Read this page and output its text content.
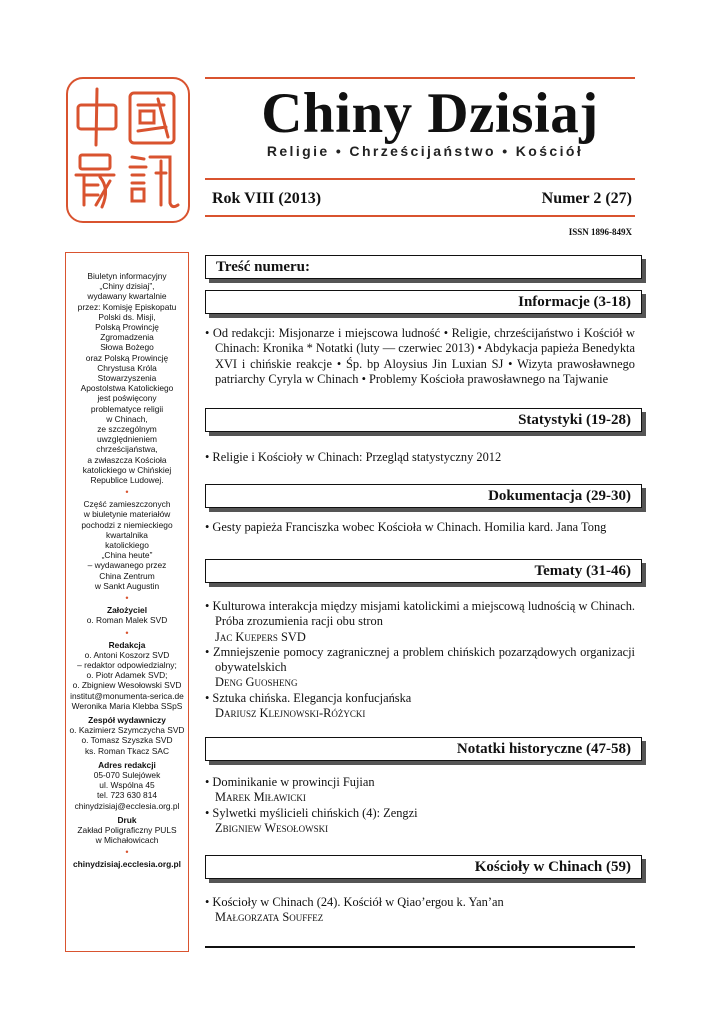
Chiny Dzisiaj
Religie • Chrześcijaństwo • Kościół
Rok VIII (2013)	Numer 2 (27)
ISSN 1896-849X
Biuletyn informacyjny
„Chiny dzisiaj”,
wydawany kwartalnie
przez: Komisję Episkopatu
Polski ds. Misji,
Polską Prowincję
Zgromadzenia
Słowa Bożego
oraz Polską Prowincję
Chrystusa Króla
Stowarzyszenia
Apostolstwa Katolickiego
jest poświęcony
problematyce religii
w Chinach,
ze szczególnym
uwzględnieniem
chrześcijaństwa,
a zwłaszcza Kościoła
katolickiego w Chińskiej
Republice Ludowej.
•
Część zamieszczonych
w biuletynie materiałów
pochodzi z niemieckiego
kwartalnika
katolickiego
„China heute”
– wydawanego przez
China Zentrum
w Sankt Augustin
•
Założyciel
o. Roman Malek SVD
•
Redakcja
o. Antoni Koszorz SVD
– redaktor odpowiedzialny;
o. Piotr Adamek SVD;
o. Zbigniew Wesołowski SVD
institut@monumenta-serica.de
Weronika Maria Klebba SSpS
Zespół wydawniczy
o. Kazimierz Szymczycha SVD
o. Tomasz Szyszka SVD
ks. Roman Tkacz SAC
Adres redakcji
05-070 Sulejówek
ul. Wspólna 45
tel. 723 630 814
chinydzisiaj@ecclesia.org.pl
Druk
Zakład Poligraficzny PULS
w Michałowicach
•
chinydzisiaj.ecclesia.org.pl
Treść numeru:
Informacje (3-18)
• Od redakcji: Misjonarze i miejscowa ludność • Religie, chrześcijaństwo i Kościół w Chinach: Kronika * Notatki (luty — czerwiec 2013) • Abdykacja papieża Benedykta XVI i chińskie reakcje • Śp. bp Aloysius Jin Luxian SJ • Wizyta prawosławnego patriarchy Cyryla w Chinach • Problemy Kościoła prawosławnego na Tajwanie
Statystyki (19-28)
• Religie i Kościoły w Chinach: Przegląd statystyczny 2012
Dokumentacja (29-30)
• Gesty papieża Franciszka wobec Kościoła w Chinach. Homilia kard. Jana Tong
Tematy (31-46)
• Kulturowa interakcja między misjami katolickimi a miejscową ludnością w Chinach. Próba zrozumienia racji obu stron
Jac Kuepers SVD
• Zmniejszenie pomocy zagranicznej a problem chińskich pozarządowych organizacji obywatelskich
Deng Guosheng
• Sztuka chińska. Elegancja konfucjańska
Dariusz Klejnowski-Różycki
Notatki historyczne (47-58)
• Dominikanie w prowincji Fujian
Marek Miławicki
• Sylwetki myślicieli chińskich (4): Zengzi
Zbigniew Wesołowski
Kościoły w Chinach (59)
• Kościoły w Chinach (24). Kościół w Qiao’ergou k. Yan’an
Małgorzata Souffez
